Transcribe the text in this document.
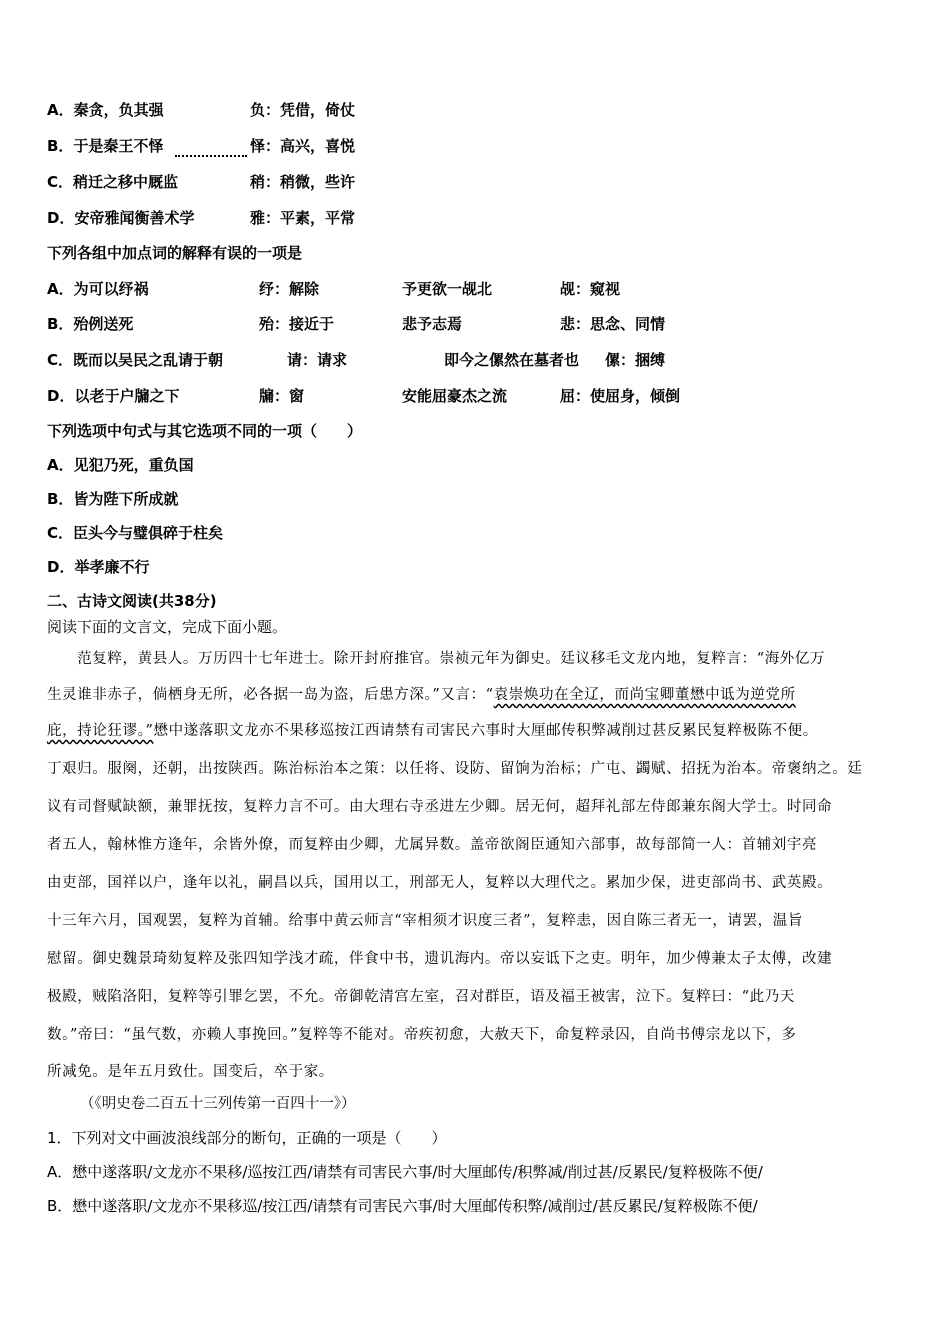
A．秦贪，负其强	负：凭借，倚仗
B．于是秦王不怿	怿：高兴，喜悦
C．稍迁之移中厩监	稍：稍微，些许
D．安帝雅闻衡善术学	雅：平素，平常
下列各组中加点词的解释有误的一项是
A．为可以纾祸	纾：解除	予更欲一觇北	觇：窥视
B．殆例送死	殆：接近于	悲予志焉	悲：思念、同情
C．既而以吴民之乱请于朝	请：请求	即今之傫然在墓者也 傫：捆缚
D．以老于户牖之下	牖：窗	安能屈豪杰之流	屈：使屈身，倾倒
下列选项中句式与其它选项不同的一项（　　）
A．见犯乃死，重负国
B．皆为陛下所成就
C．臣头今与璧俱碎于柱矣
D．举孝廉不行
二、古诗文阅读(共38分)
阅读下面的文言文，完成下面小题。
　　范复粹，黄县人。万历四十七年进士。除开封府推官。崇祯元年为御史。廷议移毛文龙内地，复粹言：“海外亿万
生灵谁非赤子，倘栖身无所，必各据一岛为盗，后患方深。”又言：“袁崇焕功在全辽，而尚宝卿董懋中诋为逆党所
庇，持论狂谬。”懋中遂落职文龙亦不果移巡按江西请禁有司害民六事时大厘邮传积弊减削过甚反累民复粹极陈不便。
丁艰归。服阕，还朝，出按陕西。陈治标治本之策：以任将、设防、留饷为治标；广屯、蠲赋、招抚为治本。帝褒纳之。廷
议有司督赋缺额，兼罪抚按，复粹力言不可。由大理右寺丞进左少卿。居无何，超拜礼部左侍郎兼东阁大学士。时同命
者五人，翰林惟方逢年，余皆外僚，而复粹由少卿，尤属异数。盖帝欲阁臣通知六部事，故每部简一人：首辅刘宇亮
由吏部，国祥以户，逢年以礼，嗣昌以兵，国用以工，刑部无人，复粹以大理代之。累加少保，进吏部尚书、武英殿。
十三年六月，国观罢，复粹为首辅。给事中黄云师言“宰相须才识度三者”，复粹恚，因自陈三者无一，请罢，温旨
慰留。御史魏景琦劾复粹及张四知学浅才疏，伴食中书，遗讥海内。帝以妄诋下之吏。明年，加少傅兼太子太傅，改建
极殿，贼陷洛阳，复粹等引罪乞罢，不允。帝御乾清宫左室，召对群臣，语及福王被害，泣下。复粹曰：“此乃天
数。”帝曰：“虽气数，亦赖人事挽回。”复粹等不能对。帝疾初愈，大赦天下，命复粹录囚，自尚书傅宗龙以下，多
所减免。是年五月致仕。国变后，卒于家。
（《明史卷二百五十三列传第一百四十一》）
1．下列对文中画波浪线部分的断句，正确的一项是（　　）
A．懋中遂落职/文龙亦不果移/巡按江西/请禁有司害民六事/时大厘邮传/积弊减/削过甚/反累民/复粹极陈不便/
B．懋中遂落职/文龙亦不果移巡/按江西/请禁有司害民六事/时大厘邮传积弊/减削过/甚反累民/复粹极陈不便/
